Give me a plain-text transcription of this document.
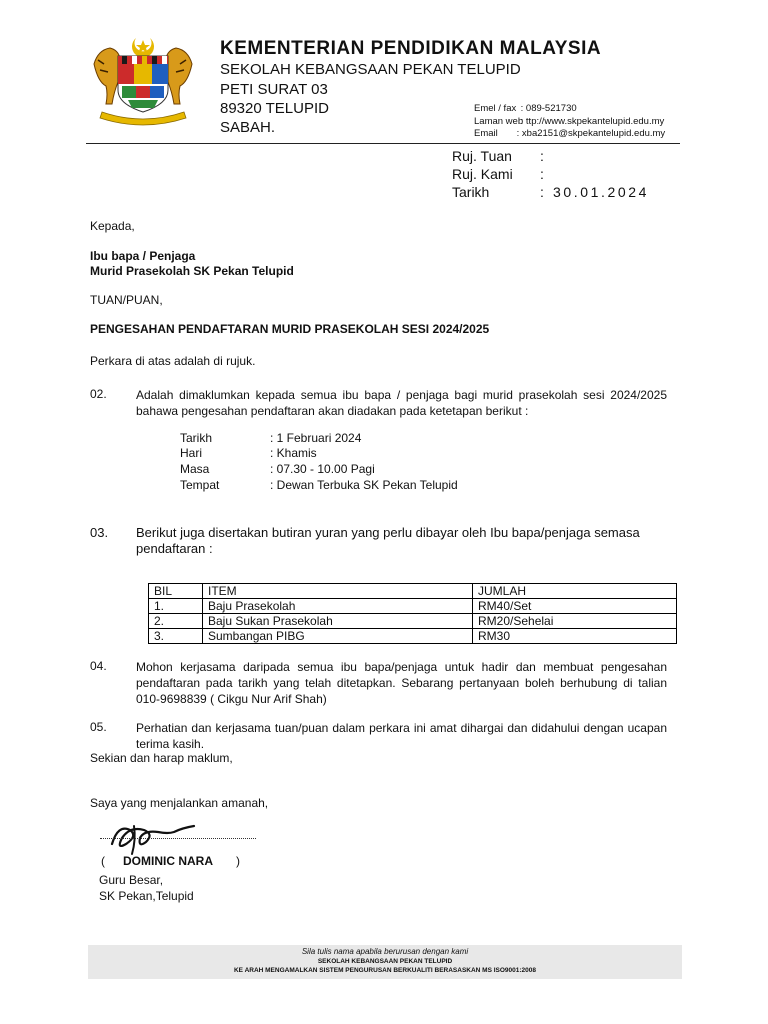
KEMENTERIAN PENDIDIKAN MALAYSIA
SEKOLAH KEBANGSAAN PEKAN TELUPID
PETI SURAT 03
89320 TELUPID
SABAH.
Emel / fax : 089-521730
Laman web : ttp://www.skpekantelupid.edu.my
Email : xba2151@skpekantelupid.edu.my
Ruj. Tuan :
Ruj. Kami :
Tarikh	: 30.01.2024
Kepada,
Ibu bapa / Penjaga
Murid Prasekolah SK Pekan Telupid
TUAN/PUAN,
PENGESAHAN PENDAFTARAN MURID PRASEKOLAH SESI 2024/2025
Perkara di atas adalah di rujuk.
02. Adalah dimaklumkan kepada semua ibu bapa / penjaga bagi murid prasekolah sesi 2024/2025 bahawa pengesahan pendaftaran akan diadakan pada ketetapan berikut :
Tarikh	: 1 Februari 2024
Hari	: Khamis
Masa	: 07.30 - 10.00 Pagi
Tempat	: Dewan Terbuka SK Pekan Telupid
03. Berikut juga disertakan butiran yuran yang perlu dibayar oleh Ibu bapa/penjaga semasa pendaftaran :
BIL	ITEM	JUMLAH
1.	Baju Prasekolah	RM40/Set
2.	Baju Sukan Prasekolah	RM20/Sehelai
3.	Sumbangan PIBG	RM30
04. Mohon kerjasama daripada semua ibu bapa/penjaga untuk hadir dan membuat pengesahan pendaftaran pada tarikh yang telah ditetapkan. Sebarang pertanyaan boleh berhubung di talian 010-9698839 ( Cikgu Nur Arif Shah)
05. Perhatian dan kerjasama tuan/puan dalam perkara ini amat dihargai dan didahului dengan ucapan terima kasih.
Sekian dan harap maklum,
Saya yang menjalankan amanah,
( DOMINIC NARA )
Guru Besar,
SK Pekan,Telupid
Sila tulis nama apabila berurusan dengan kami
SEKOLAH KEBANGSAAN PEKAN TELUPID
KE ARAH MENGAMALKAN SISTEM PENGURUSAN BERKUALITI BERASASKAN MS ISO9001:2008
